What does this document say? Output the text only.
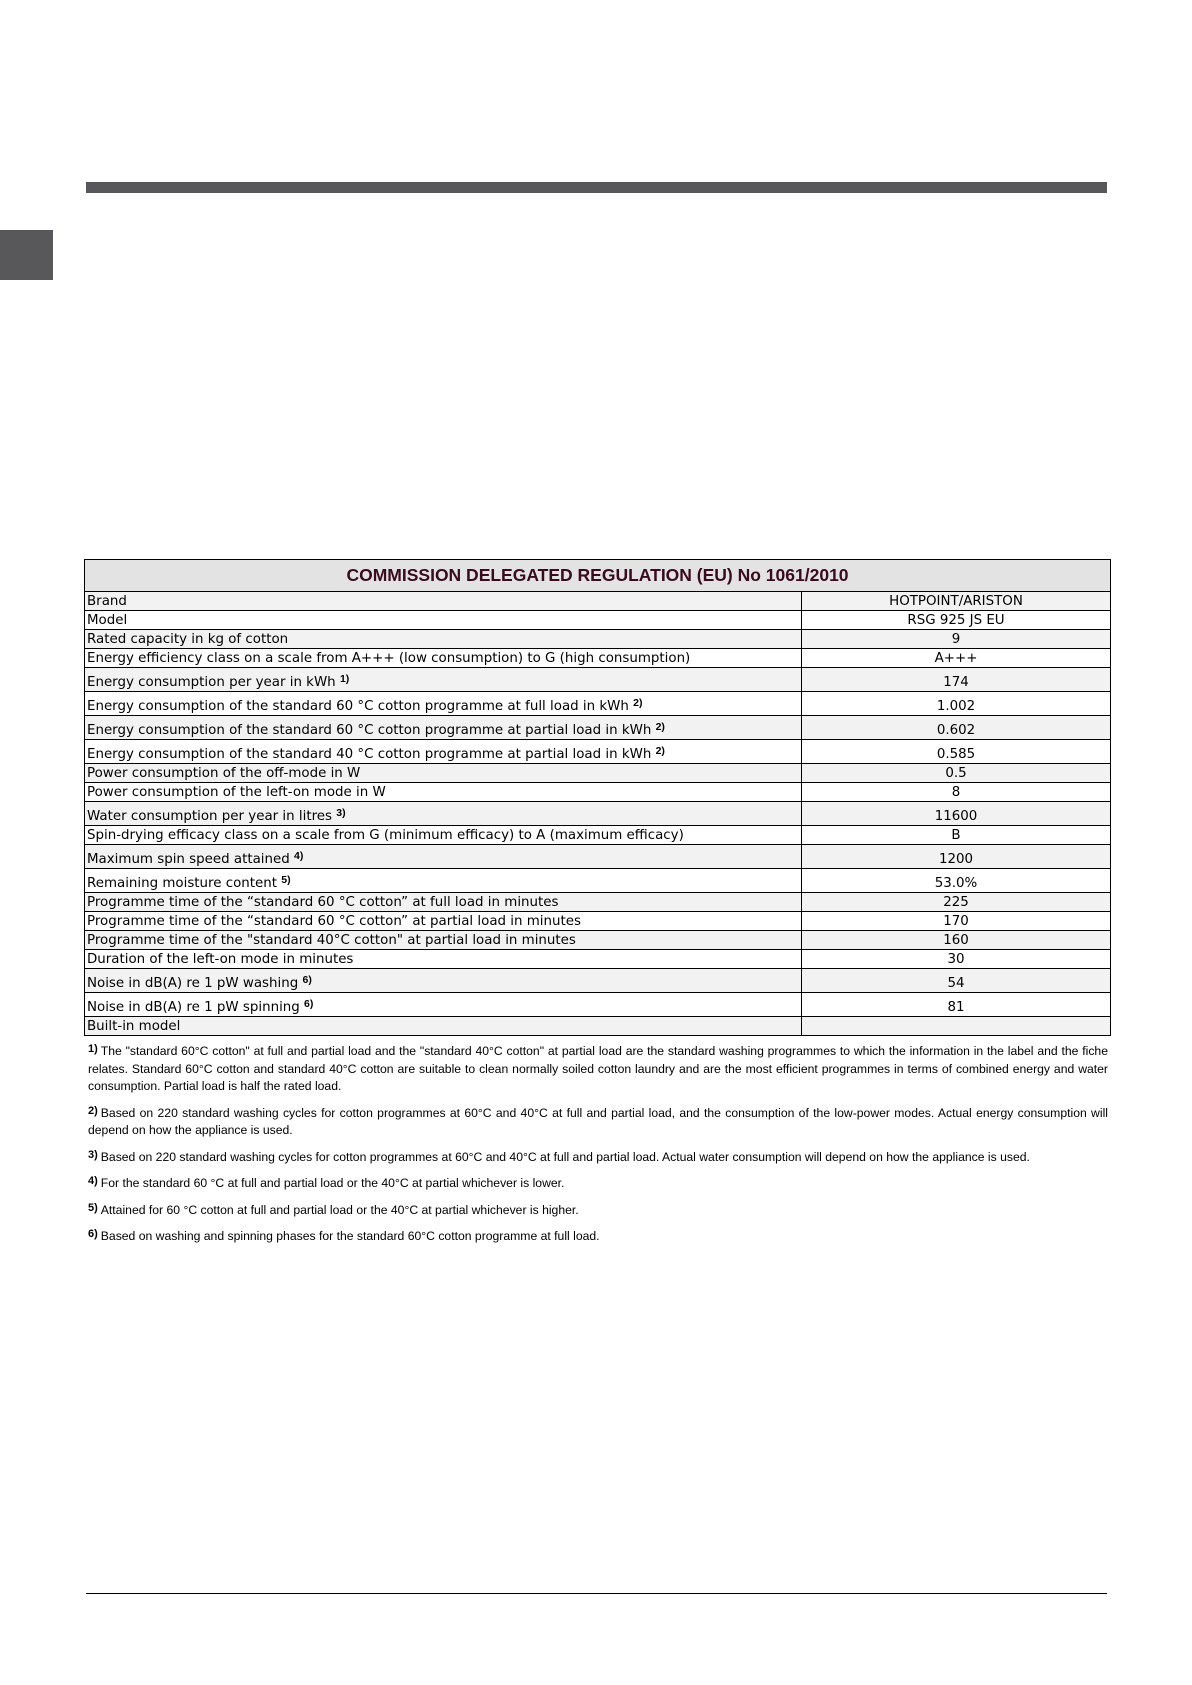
COMMISSION DELEGATED REGULATION (EU) No 1061/2010	
Brand	HOTPOINT/ARISTON
Model	RSG 925 JS EU
Rated capacity in kg of cotton	9
Energy efficiency class on a scale from A+++ (low consumption) to G (high consumption)	A+++
Energy consumption per year in kWh $^{1)}$	174
Energy consumption of the standard 60 °C cotton programme at full load in kWh $^{2)}$	1.002
Energy consumption of the standard 60 °C cotton programme at partial load in kWh $^{2)}$	0.602
Energy consumption of the standard 40 °C cotton programme at partial load in kWh $^{2)}$	0.585
Power consumption of the off-mode in W	0.5
Power consumption of the left-on mode in W	8
Water consumption per year in litres $^{3)}$	11600
Spin-drying efficacy class on a scale from G (minimum efficacy) to A (maximum efficacy)	B
Maximum spin speed attained $^{4)}$	1200
Remaining moisture content $^{5)}$	53.0%
Programme time of the “standard 60 °C cotton” at full load in minutes	225
Programme time of the “standard 60 °C cotton” at partial load in minutes	170
Programme time of the "standard 40°C cotton" at partial load in minutes	160
Duration of the left-on mode in minutes	30
Noise in dB(A) re 1 pW washing $^{6)}$	54
Noise in dB(A) re 1 pW spinning $^{6)}$	81
Built-in model	

1) The "standard 60°C cotton" at full and partial load and the "standard 40°C cotton" at partial load are the standard washing programmes to which the information in the label and the fiche relates. Standard 60°C cotton and standard 40°C cotton are suitable to clean normally soiled cotton laundry and are the most efficient programmes in terms of combined energy and water consumption. Partial load is half the rated load.

2) Based on 220 standard washing cycles for cotton programmes at 60°C and 40°C at full and partial load, and the consumption of the low-power modes. Actual energy consumption will depend on how the appliance is used.

3) Based on 220 standard washing cycles for cotton programmes at 60°C and 40°C at full and partial load. Actual water consumption will depend on how the appliance is used.

4) For the standard 60 °C at full and partial load or the 40°C at partial whichever is lower.

5) Attained for 60 °C cotton at full and partial load or the 40°C at partial whichever is higher.

6) Based on washing and spinning phases for the standard 60°C cotton programme at full load.
